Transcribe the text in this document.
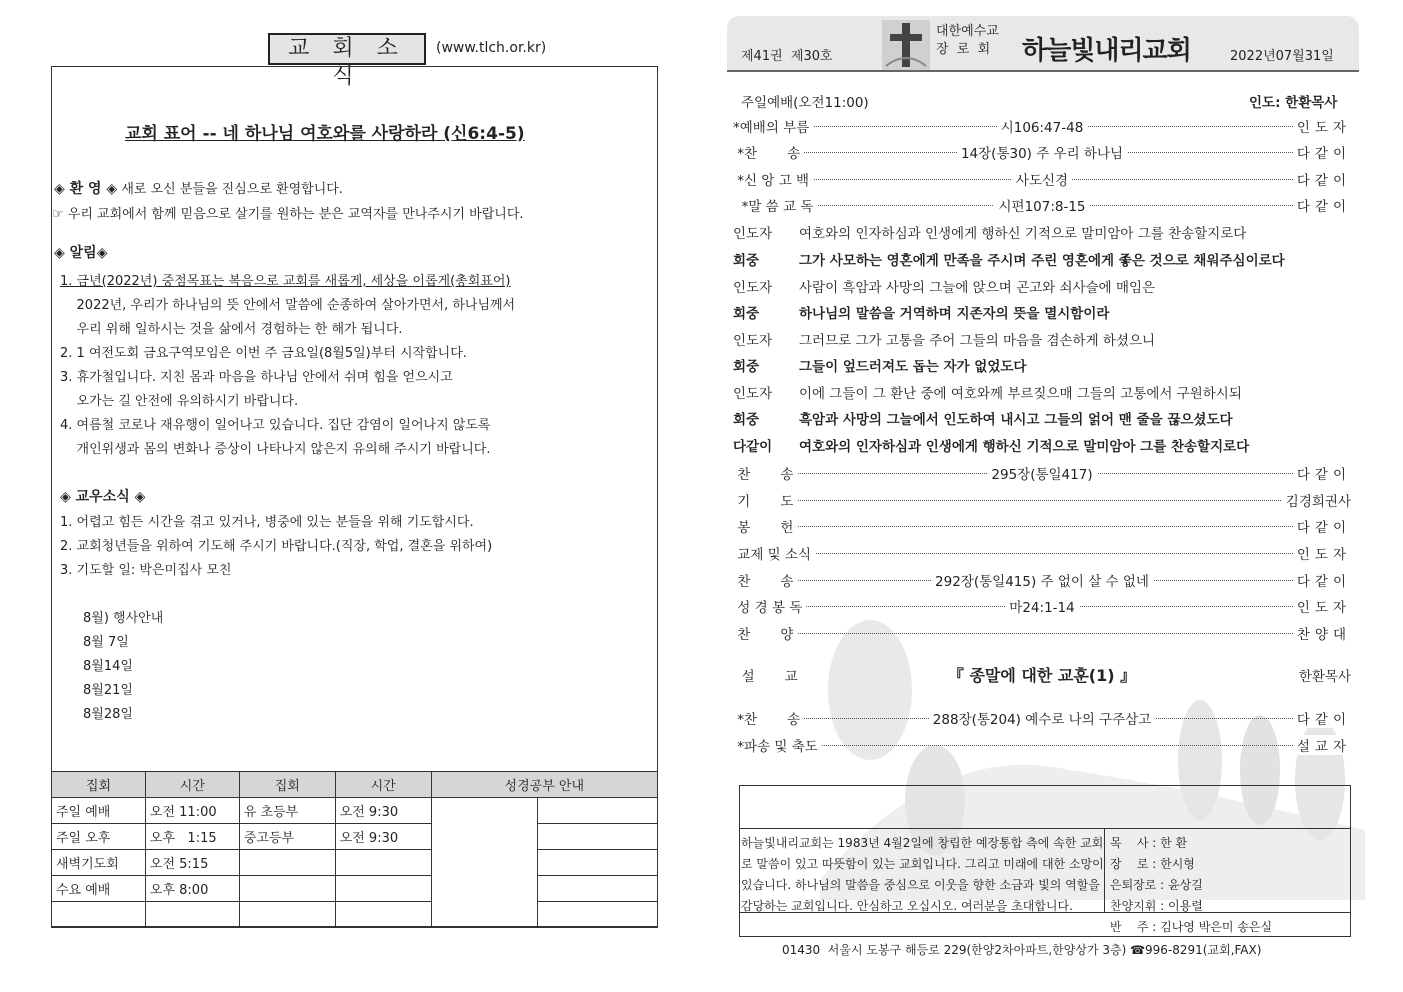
교 회 소 식
(www.tlch.or.kr)
교회 표어 -- 네 하나님 여호와를 사랑하라 (신6:4-5)
◈ 환 영 ◈ 새로 오신 분들을 진심으로 환영합니다.
☞ 우리 교회에서 함께 믿음으로 살기를 원하는 분은 교역자를 만나주시기 바랍니다.
◈ 알림◈
1. 금년(2022년) 중점목표는 복음으로 교회를 새롭게, 세상을 이롭게(총회표어)
2022년, 우리가 하나님의 뜻 안에서 말씀에 순종하여 살아가면서, 하나님께서
우리 위해 일하시는 것을 삶에서 경험하는 한 해가 됩니다.
2. 1 여전도회 금요구역모임은 이번 주 금요일(8월5일)부터 시작합니다.
3. 휴가철입니다. 지친 몸과 마음을 하나님 안에서 쉬며 힘을 얻으시고
오가는 길 안전에 유의하시기 바랍니다.
4. 여름철 코로나 재유행이 일어나고 있습니다. 집단 감염이 일어나지 않도록
개인위생과 몸의 변화나 증상이 나타나지 않은지 유의해 주시기 바랍니다.
◈ 교우소식 ◈
1. 어렵고 힘든 시간을 겪고 있거나, 병중에 있는 분들을 위해 기도합시다.
2. 교회청년들을 위하여 기도해 주시기 바랍니다.(직장, 학업, 결혼을 위하여)
3. 기도할 일: 박은미집사 모친
8월) 행사안내
8월 7일
8월14일
8월21일
8월28일
집회	시간	집회	시간	성경공부 안내	
주일 예배	오전 11:00	유 초등부	오전 9:30		
주일 오후	오후   1:15	중고등부	오전 9:30		
새벽기도회	오전 5:15				
수요 예배	오후 8:00				

제41권  제30호
대한예수교
장  로  회	하늘빛내리교회	2022년07월31일
주일예배(오전11:00)	인도: 한환목사
*예배의 부름	시106:47-48	인도자
*찬       송	14장(통30) 주 우리 하나님	다같이
*신 앙 고 백	사도신경	다같이
*말 씀 교 독	시편107:8-15	다같이
인도자 여호와의 인자하심과 인생에게 행하신 기적으로 말미암아 그를 찬송할지로다
회중	그가 사모하는 영혼에게 만족을 주시며 주린 영혼에게 좋은 것으로 채워주심이로다
인도자 사람이 흑암과 사망의 그늘에 앉으며 곤고와 쇠사슬에 매임은
회중	하나님의 말씀을 거역하며 지존자의 뜻을 멸시함이라
인도자 그러므로 그가 고통을 주어 그들의 마음을 겸손하게 하셨으니
회중	그들이 엎드러져도 돕는 자가 없었도다
인도자 이에 그들이 그 환난 중에 여호와께 부르짖으매 그들의 고통에서 구원하시되
회중	흑암과 사망의 그늘에서 인도하여 내시고 그들의 얽어 맨 줄을 끊으셨도다
다같이 여호와의 인자하심과 인생에게 행하신 기적으로 말미암아 그를 찬송할지로다
찬       송	295장(통일417)	다같이
기       도	김경희권사
봉       헌	다같이
교제 및 소식	인도자
찬       송	292장(통일415) 주 없이 살 수 없네	다같이
성 경 봉 독	마24:1-14	인도자
찬       양	찬양대
설       교	『 종말에 대한 교훈(1) 』	한환목사
*찬       송	288장(통204) 예수로 나의 구주삼고	다같이
*파송 및 축도	설교자
하늘빛내리교회는 1983년 4월2일에 창립한 예장통합 측에 속한 교회로 말씀이 있고 따뜻함이 있는 교회입니다. 그리고 미래에 대한 소망이 있습니다. 하나님의 말씀을 중심으로 이웃을 향한 소금과 빛의 역할을 감당하는 교회입니다. 안심하고 오십시오. 여러분을 초대합니다.
목    사 : 한 환
장    로 : 한시형
은퇴장로 : 윤상길
찬양지휘 : 이용렬
반    주 : 김나영 박은미 송은실
01430  서울시 도봉구 해등로 229(한양2차아파트,한양상가 3층) ☎996-8291(교회,FAX)
